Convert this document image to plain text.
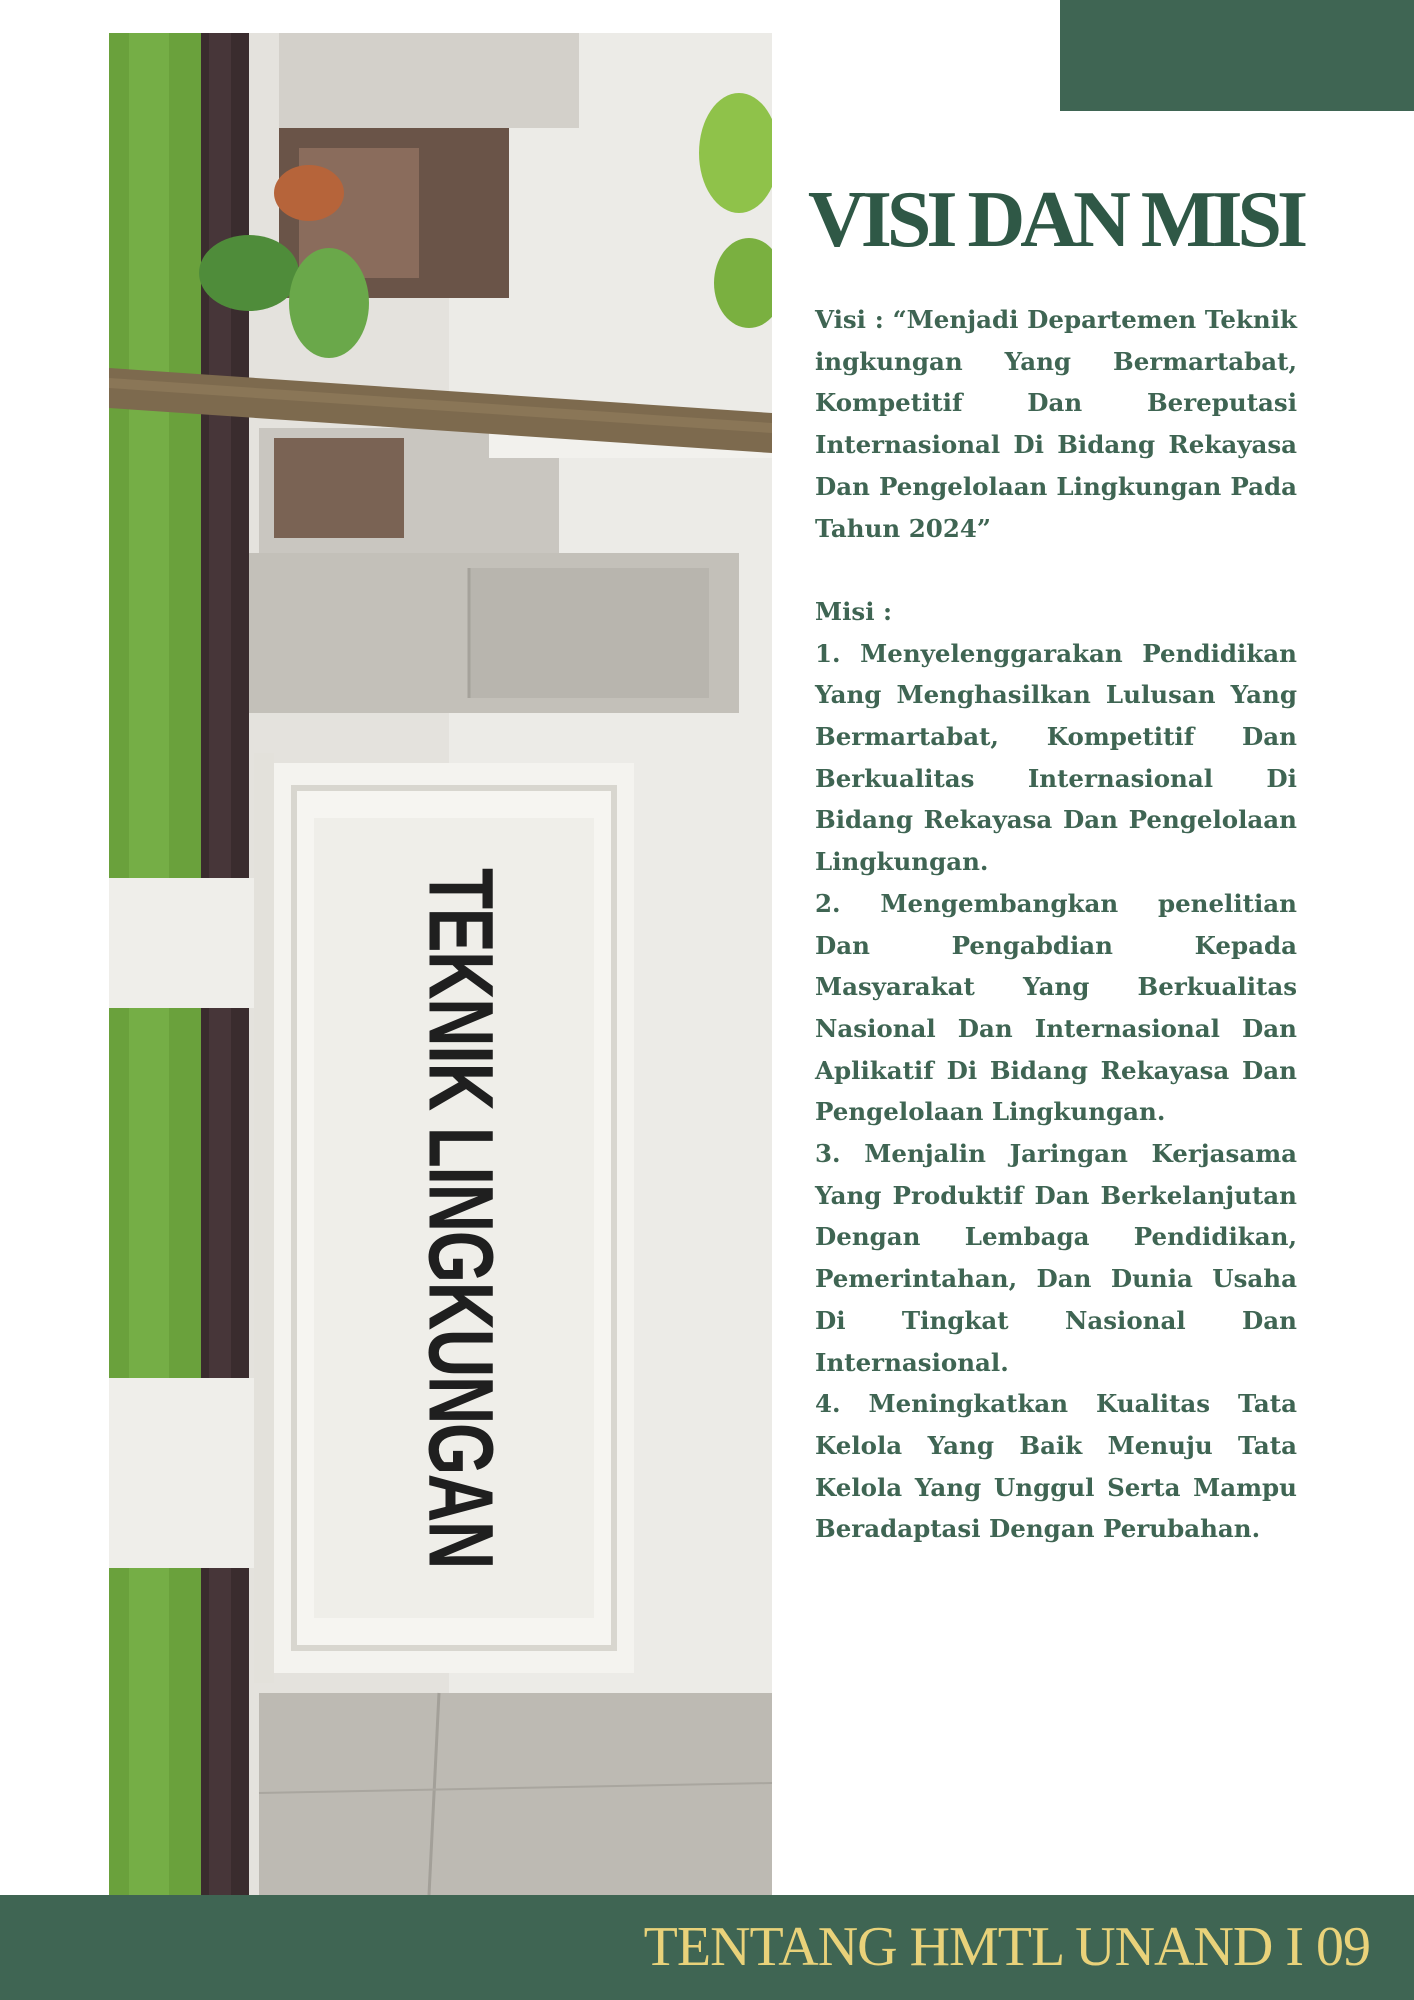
TEKNIK LINGKUNGAN
VISI DAN MISI

Visi : “Menjadi Departemen Teknik ingkungan Yang Bermartabat, Kompetitif Dan Bereputasi Internasional Di Bidang Rekayasa Dan Pengelolaan Lingkungan Pada Tahun 2024”

Misi :

1. Menyelenggarakan Pendidikan Yang Menghasilkan Lulusan Yang Bermartabat, Kompetitif Dan Berkualitas Internasional Di Bidang Rekayasa Dan Pengelolaan Lingkungan.

2. Mengembangkan penelitian Dan Pengabdian Kepada Masyarakat Yang Berkualitas Nasional Dan Internasional Dan Aplikatif Di Bidang Rekayasa Dan Pengelolaan Lingkungan.

3. Menjalin Jaringan Kerjasama Yang Produktif Dan Berkelanjutan Dengan Lembaga Pendidikan, Pemerintahan, Dan Dunia Usaha Di Tingkat Nasional Dan Internasional.

4. Meningkatkan Kualitas Tata Kelola Yang Baik Menuju Tata Kelola Yang Unggul Serta Mampu Beradaptasi Dengan Perubahan.

TENTANG HMTL UNAND I 09
